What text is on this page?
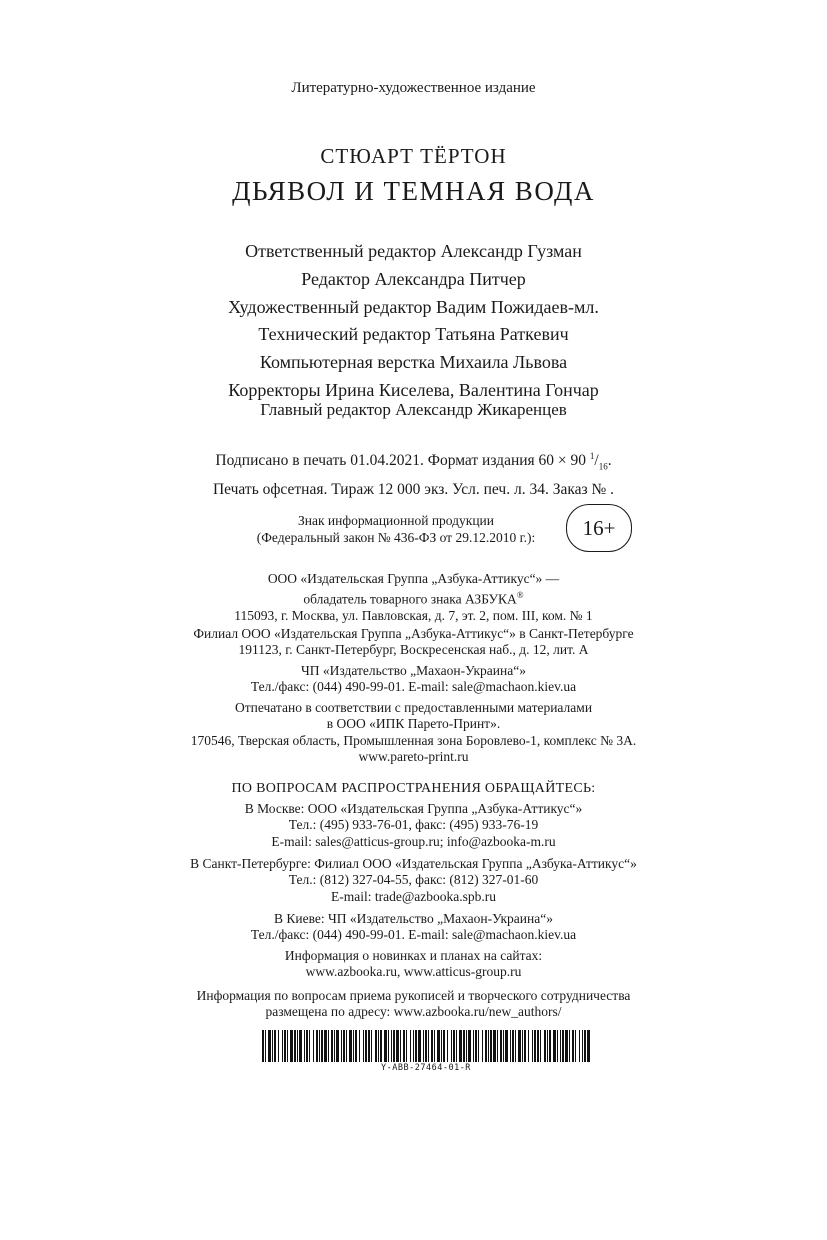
Литературно-художественное издание
СТЮАРТ ТЁРТОН
ДЬЯВОЛ И ТЕМНАЯ ВОДА
Ответственный редактор Александр Гузман
Редактор Александра Питчер
Художественный редактор Вадим Пожидаев-мл.
Технический редактор Татьяна Раткевич
Компьютерная верстка Михаила Львова
Корректоры Ирина Киселева, Валентина Гончар
Главный редактор Александр Жикаренцев
Подписано в печать 01.04.2021. Формат издания 60 × 90 $^1/_{16}$.
Печать офсетная. Тираж 12 000 экз. Усл. печ. л. 34. Заказ № .
Знак информационной продукции
(Федеральный закон № 436-ФЗ от 29.12.2010 г.):	16+
ООО «Издательская Группа „Азбука-Аттикус“» —
обладатель товарного знака АЗБУКА®
115093, г. Москва, ул. Павловская, д. 7, эт. 2, пом. III, ком. № 1
Филиал ООО «Издательская Группа „Азбука-Аттикус“» в Санкт-Петербурге
191123, г. Санкт-Петербург, Воскресенская наб., д. 12, лит. А
ЧП «Издательство „Махаон-Украина“»
Тел./факс: (044) 490-99-01. E-mail: sale@machaon.kiev.ua
Отпечатано в соответствии с предоставленными материалами
в ООО «ИПК Парето-Принт».
170546, Тверская область, Промышленная зона Боровлево-1, комплекс № 3А.
www.pareto-print.ru
ПО ВОПРОСАМ РАСПРОСТРАНЕНИЯ ОБРАЩАЙТЕСЬ:
В Москве: ООО «Издательская Группа „Азбука-Аттикус“»
Тел.: (495) 933-76-01, факс: (495) 933-76-19
E-mail: sales@atticus-group.ru; info@azbooka-m.ru
В Санкт-Петербурге: Филиал ООО «Издательская Группа „Азбука-Аттикус“»
Тел.: (812) 327-04-55, факс: (812) 327-01-60
E-mail: trade@azbooka.spb.ru
В Киеве: ЧП «Издательство „Махаон-Украина“»
Тел./факс: (044) 490-99-01. E-mail: sale@machaon.kiev.ua
Информация о новинках и планах на сайтах:
www.azbooka.ru, www.atticus-group.ru
Информация по вопросам приема рукописей и творческого сотрудничества
размещена по адресу: www.azbooka.ru/new_authors/
Y-ABB-27464-01-R
